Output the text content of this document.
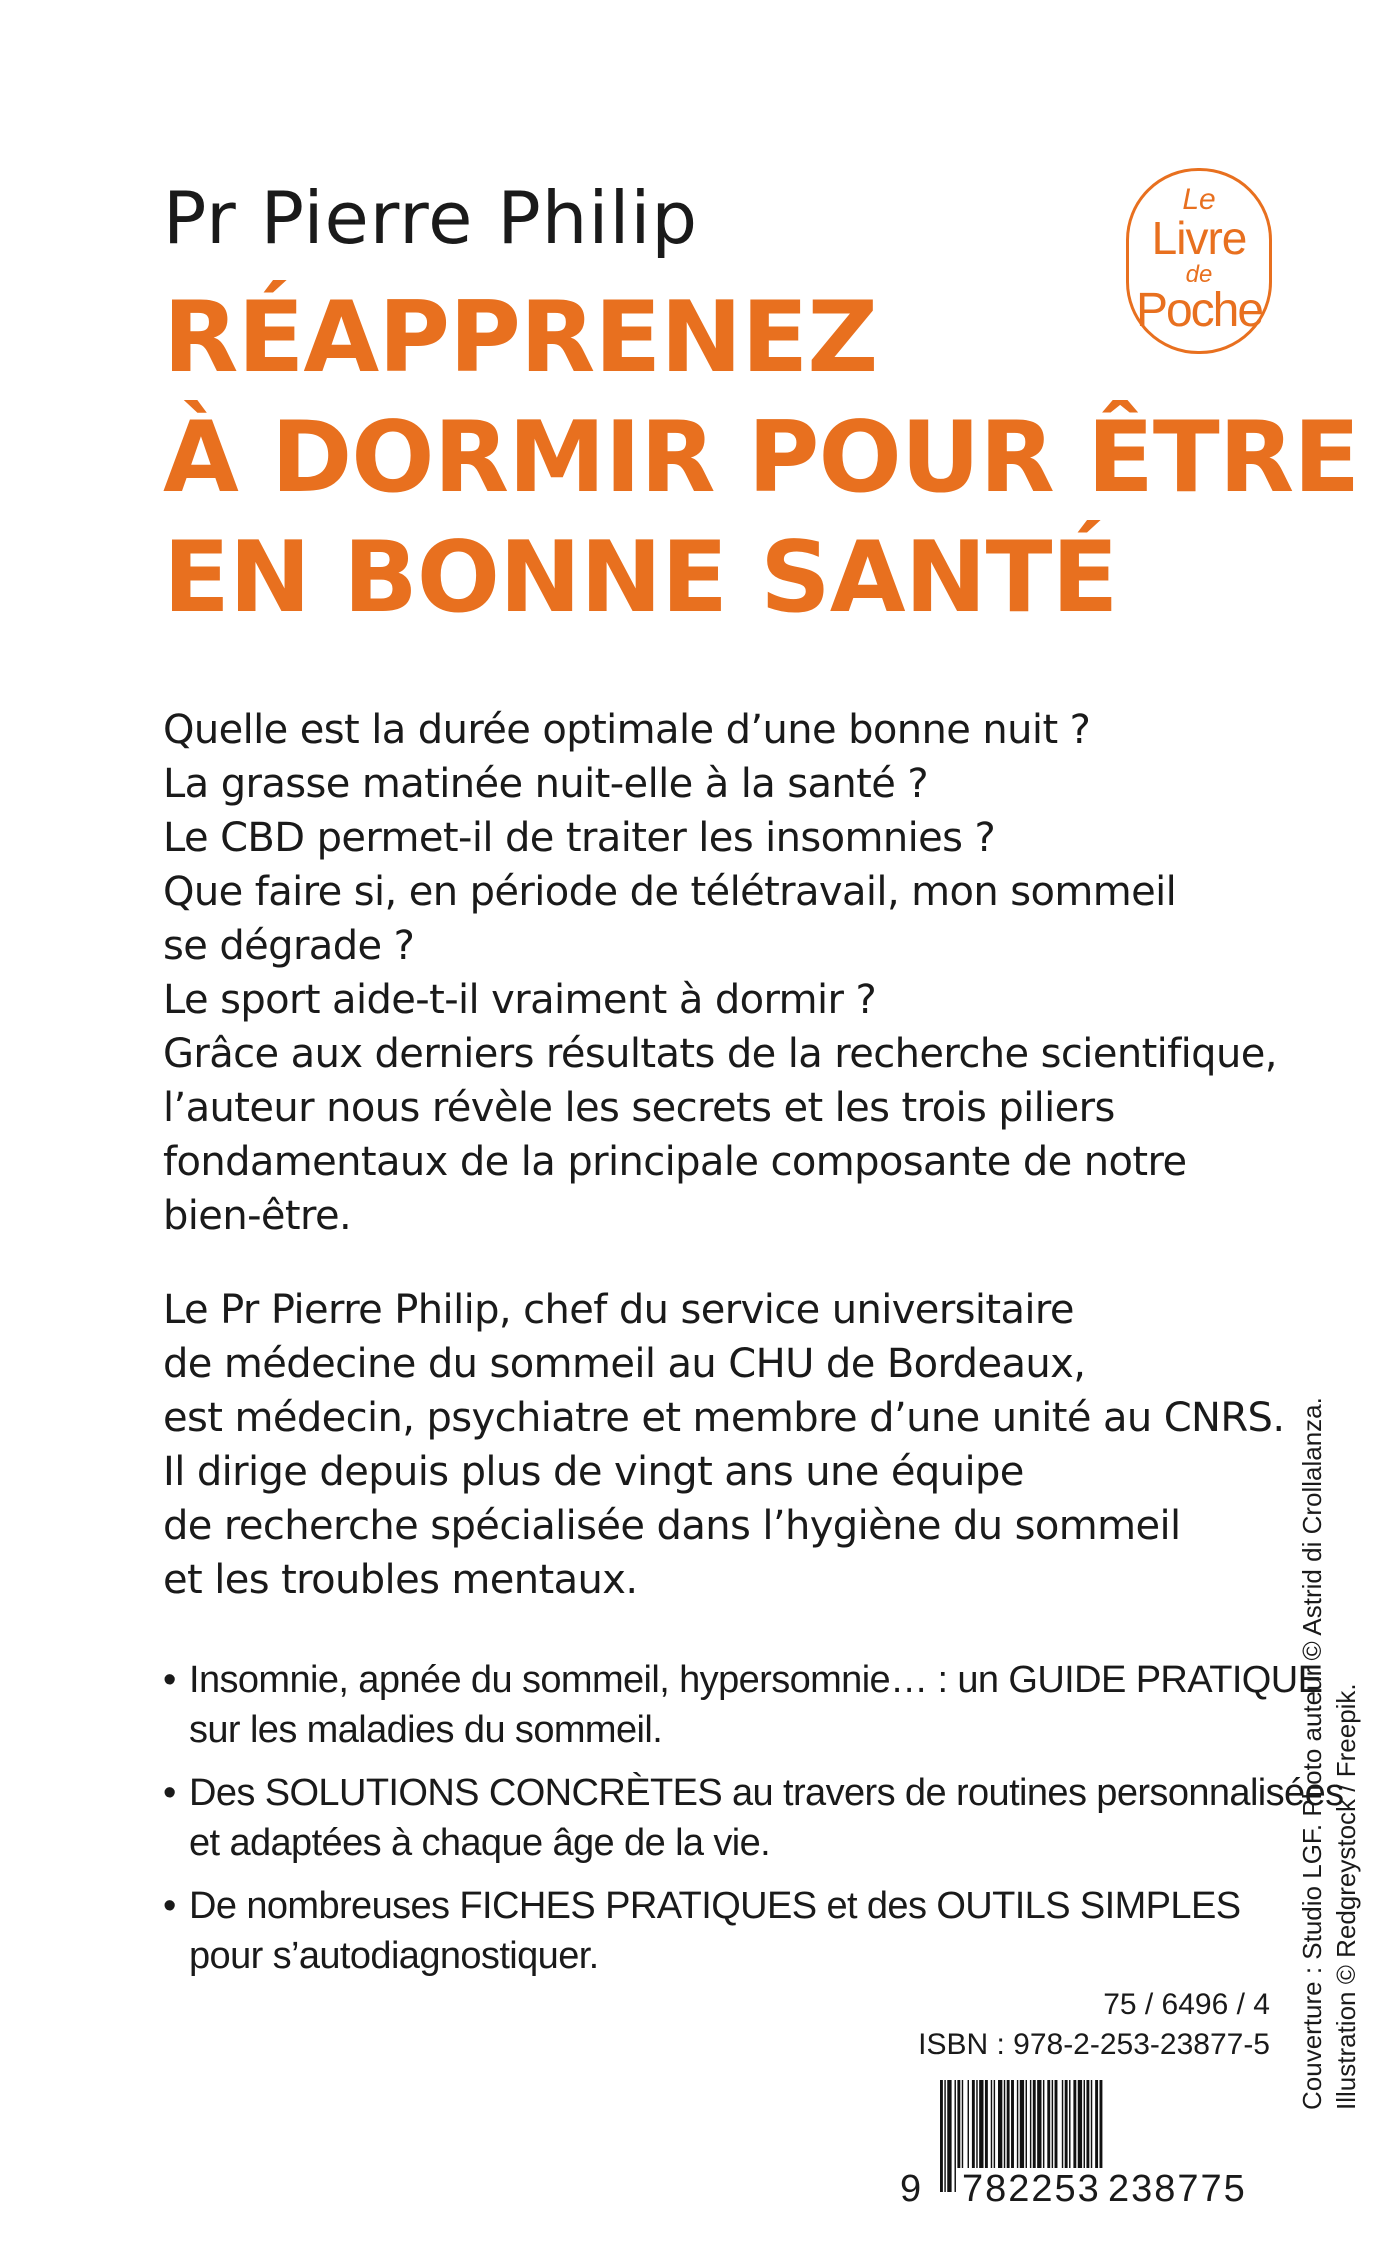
Pr Pierre Philip
RÉAPPRENEZ
À DORMIR POUR ÊTRE
EN BONNE SANTÉ
Le
Livre
de
Poche
Quelle est la durée optimale d’une bonne nuit ?
La grasse matinée nuit-elle à la santé ?
Le CBD permet-il de traiter les insomnies ?
Que faire si, en période de télétravail, mon sommeil
se dégrade ?
Le sport aide-t-il vraiment à dormir ?
Grâce aux derniers résultats de la recherche scientifique,
l’auteur nous révèle les secrets et les trois piliers
fondamentaux de la principale composante de notre
bien-être.
Le Pr Pierre Philip, chef du service universitaire
de médecine du sommeil au CHU de Bordeaux,
est médecin, psychiatre et membre d’une unité au CNRS.
Il dirige depuis plus de vingt ans une équipe
de recherche spécialisée dans l’hygiène du sommeil
et les troubles mentaux.
• Insomnie, apnée du sommeil, hypersomnie… : un GUIDE PRATIQUE
sur les maladies du sommeil.
• Des SOLUTIONS CONCRÈTES au travers de routines personnalisées
et adaptées à chaque âge de la vie.
• De nombreuses FICHES PRATIQUES et des OUTILS SIMPLES
pour s’autodiagnostiquer.
75 / 6496 / 4
ISBN : 978-2-253-23877-5
9 782253 238775
Couverture : Studio LGF. Photo auteur © Astrid di Crollalanza. Illustration © Redgreystock / Freepik.
